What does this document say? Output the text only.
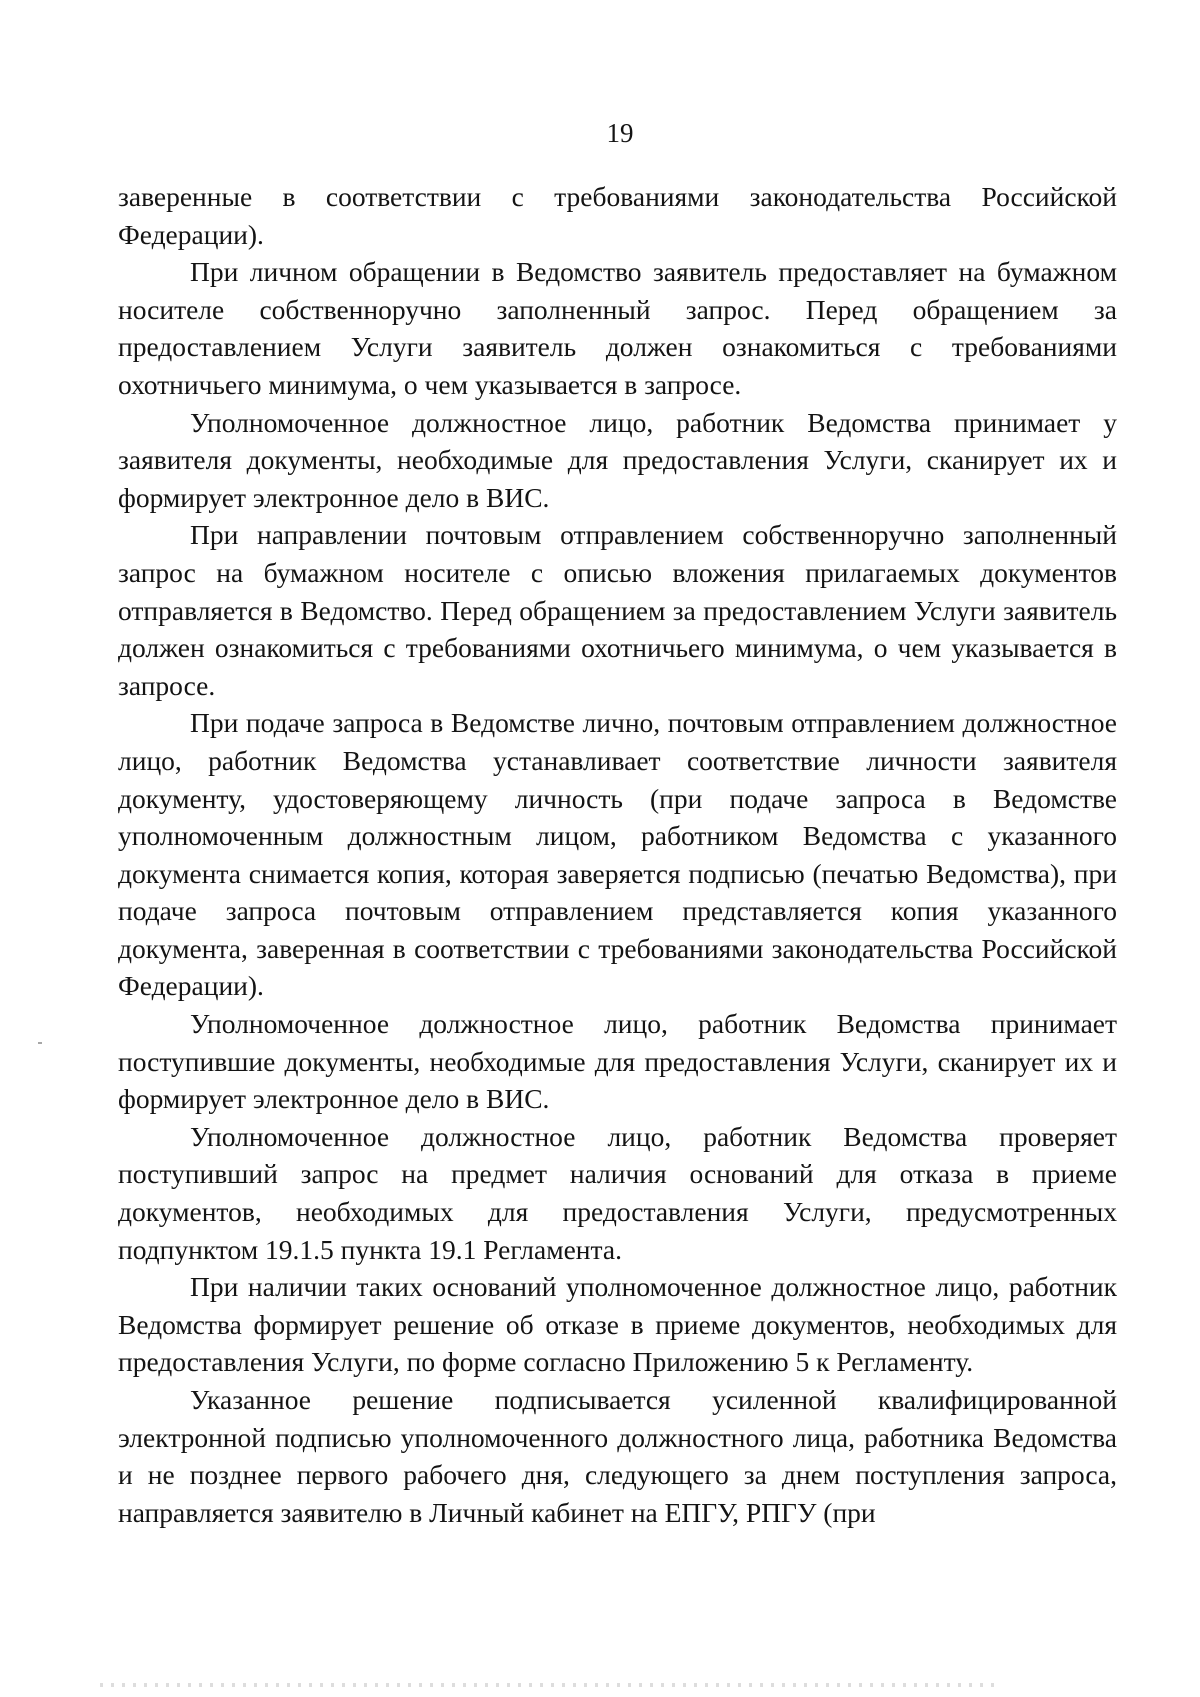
19

заверенные в соответствии с требованиями законодательства Российской Федерации).

При личном обращении в Ведомство заявитель предоставляет на бумажном носителе собственноручно заполненный запрос. Перед обращением за предоставлением Услуги заявитель должен ознакомиться с требованиями охотничьего минимума, о чем указывается в запросе.

Уполномоченное должностное лицо, работник Ведомства принимает у заявителя документы, необходимые для предоставления Услуги, сканирует их и формирует электронное дело в ВИС.

При направлении почтовым отправлением собственноручно заполненный запрос на бумажном носителе с описью вложения прилагаемых документов отправляется в Ведомство. Перед обращением за предоставлением Услуги заявитель должен ознакомиться с требованиями охотничьего минимума, о чем указывается в запросе.

При подаче запроса в Ведомстве лично, почтовым отправлением должностное лицо, работник Ведомства устанавливает соответствие личности заявителя документу, удостоверяющему личность (при подаче запроса в Ведомстве уполномоченным должностным лицом, работником Ведомства с указанного документа снимается копия, которая заверяется подписью (печатью Ведомства), при подаче запроса почтовым отправлением представляется копия указанного документа, заверенная в соответствии с требованиями законодательства Российской Федерации).

Уполномоченное должностное лицо, работник Ведомства принимает поступившие документы, необходимые для предоставления Услуги, сканирует их и формирует электронное дело в ВИС.

Уполномоченное должностное лицо, работник Ведомства проверяет поступивший запрос на предмет наличия оснований для отказа в приеме документов, необходимых для предоставления Услуги, предусмотренных подпунктом 19.1.5 пункта 19.1 Регламента.

При наличии таких оснований уполномоченное должностное лицо, работник Ведомства формирует решение об отказе в приеме документов, необходимых для предоставления Услуги, по форме согласно Приложению 5 к Регламенту.

Указанное решение подписывается усиленной квалифицированной электронной подписью уполномоченного должностного лица, работника Ведомства и не позднее первого рабочего дня, следующего за днем поступления запроса, направляется заявителю в Личный кабинет на ЕПГУ, РПГУ (при
